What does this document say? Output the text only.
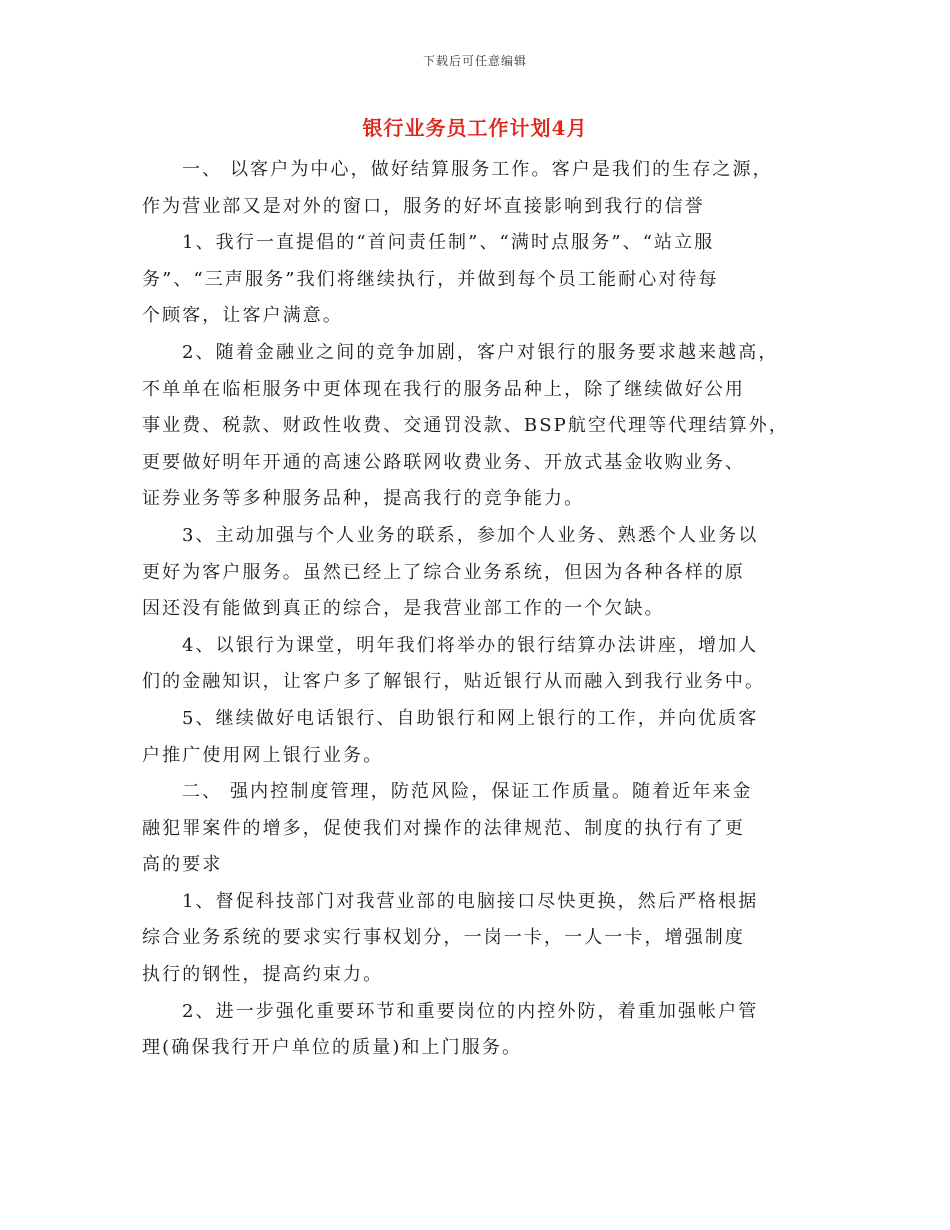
下载后可任意编辑
银行业务员工作计划4月
一、 以客户为中心，做好结算服务工作。客户是我们的生存之源，
作为营业部又是对外的窗口，服务的好坏直接影响到我行的信誉
1、我行一直提倡的“首问责任制”、“满时点服务”、“站立服
务”、“三声服务”我们将继续执行，并做到每个员工能耐心对待每
个顾客，让客户满意。
2、随着金融业之间的竞争加剧，客户对银行的服务要求越来越高，
不单单在临柜服务中更体现在我行的服务品种上，除了继续做好公用
事业费、税款、财政性收费、交通罚没款、BSP航空代理等代理结算外，
更要做好明年开通的高速公路联网收费业务、开放式基金收购业务、
证券业务等多种服务品种，提高我行的竞争能力。
3、主动加强与个人业务的联系，参加个人业务、熟悉个人业务以
更好为客户服务。虽然已经上了综合业务系统，但因为各种各样的原
因还没有能做到真正的综合，是我营业部工作的一个欠缺。
4、以银行为课堂，明年我们将举办的银行结算办法讲座，增加人
们的金融知识，让客户多了解银行，贴近银行从而融入到我行业务中。
5、继续做好电话银行、自助银行和网上银行的工作，并向优质客
户推广使用网上银行业务。
二、 强内控制度管理，防范风险，保证工作质量。随着近年来金
融犯罪案件的增多，促使我们对操作的法律规范、制度的执行有了更
高的要求
1、督促科技部门对我营业部的电脑接口尽快更换，然后严格根据
综合业务系统的要求实行事权划分，一岗一卡，一人一卡，增强制度
执行的钢性，提高约束力。
2、进一步强化重要环节和重要岗位的内控外防，着重加强帐户管
理(确保我行开户单位的质量)和上门服务。
